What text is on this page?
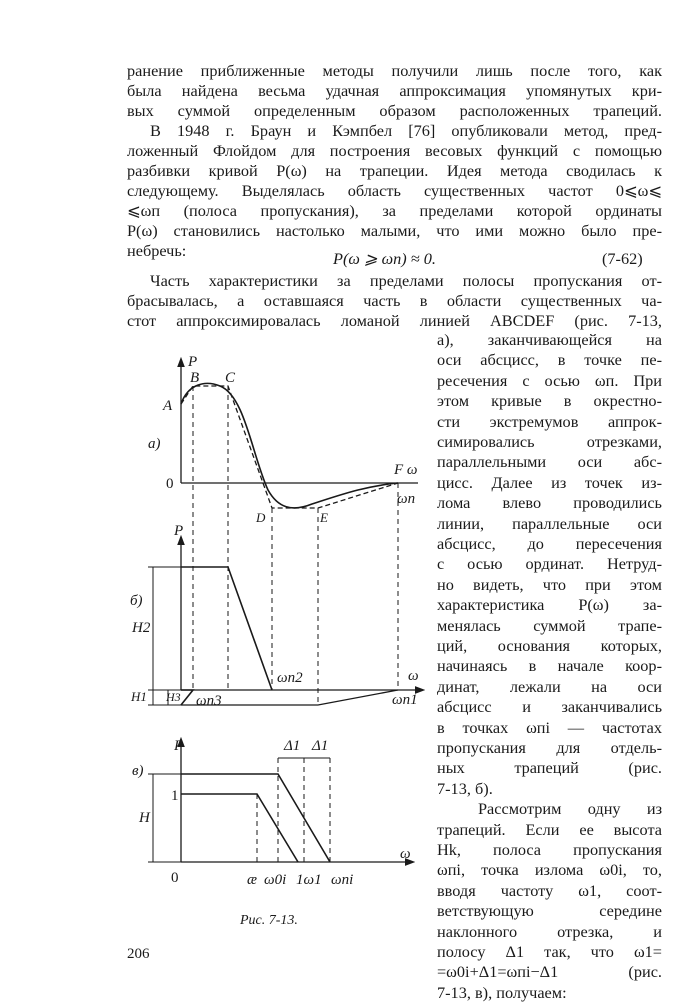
ранение приближенные методы получили лишь после того, как
была найдена весьма удачная аппроксимация упомянутых кри-
вых суммой определенным образом расположенных трапеций.
В 1948 г. Браун и Кэмпбел [76] опубликовали метод, пред-
ложенный Флойдом для построения весовых функций с помощью
разбивки кривой P(ω) на трапеции. Идея метода сводилась к
следующему. Выделялась область существенных частот 0⩽ω⩽
⩽ωп (полоса пропускания), за пределами которой ординаты
P(ω) становились настолько малыми, что ими можно было пре-
небречь:	P(ω ⩾ ωп) ≈ 0.	(7-62)
Часть характеристики за пределами полосы пропускания от-
брасывалась, а оставшаяся часть в области существенных ча-
стот аппроксимировалась ломаной линией ABCDEF (рис. 7-13,
а), заканчивающейся на
оси абсцисс, в точке пе-
ресечения с осью ωп. При
этом кривые в окрестно-
сти экстремумов аппрок-
симировались отрезками,
параллельными оси абс-
цисс. Далее из точек из-
лома влево проводились
линии, параллельные оси
абсцисс, до пересечения
с осью ординат. Нетруд-
но видеть, что при этом
характеристика P(ω) за-
менялась суммой трапе-
ций, основания которых,
начинаясь в начале коор-
динат, лежали на оси
абсцисс и заканчивались
в точках ωпi — частотах
пропускания для отдель-
ных трапеций (рис.
7-13, б).
Рассмотрим одну из
трапеций. Если ее высота
Hk, полоса пропускания
ωпi, точка излома ω0i, то,
вводя частоту ω1, соот-
ветствующую середине
наклонного отрезка, и
полосу Δ1 так, что ω1=
=ω0i+Δ1=ωпi−Δ1 (рис.
7-13, в), получаем:
P
A
B C
D	E
а)
0
F ω
ωп
P
б)
H2
H1 H3
ωп2
ωп1
ωп3
ω
P
в)
1
H
0
Δ1 Δ1
ω
æ ω0i 1ω1 ωпi
Рис. 7-13.
206
